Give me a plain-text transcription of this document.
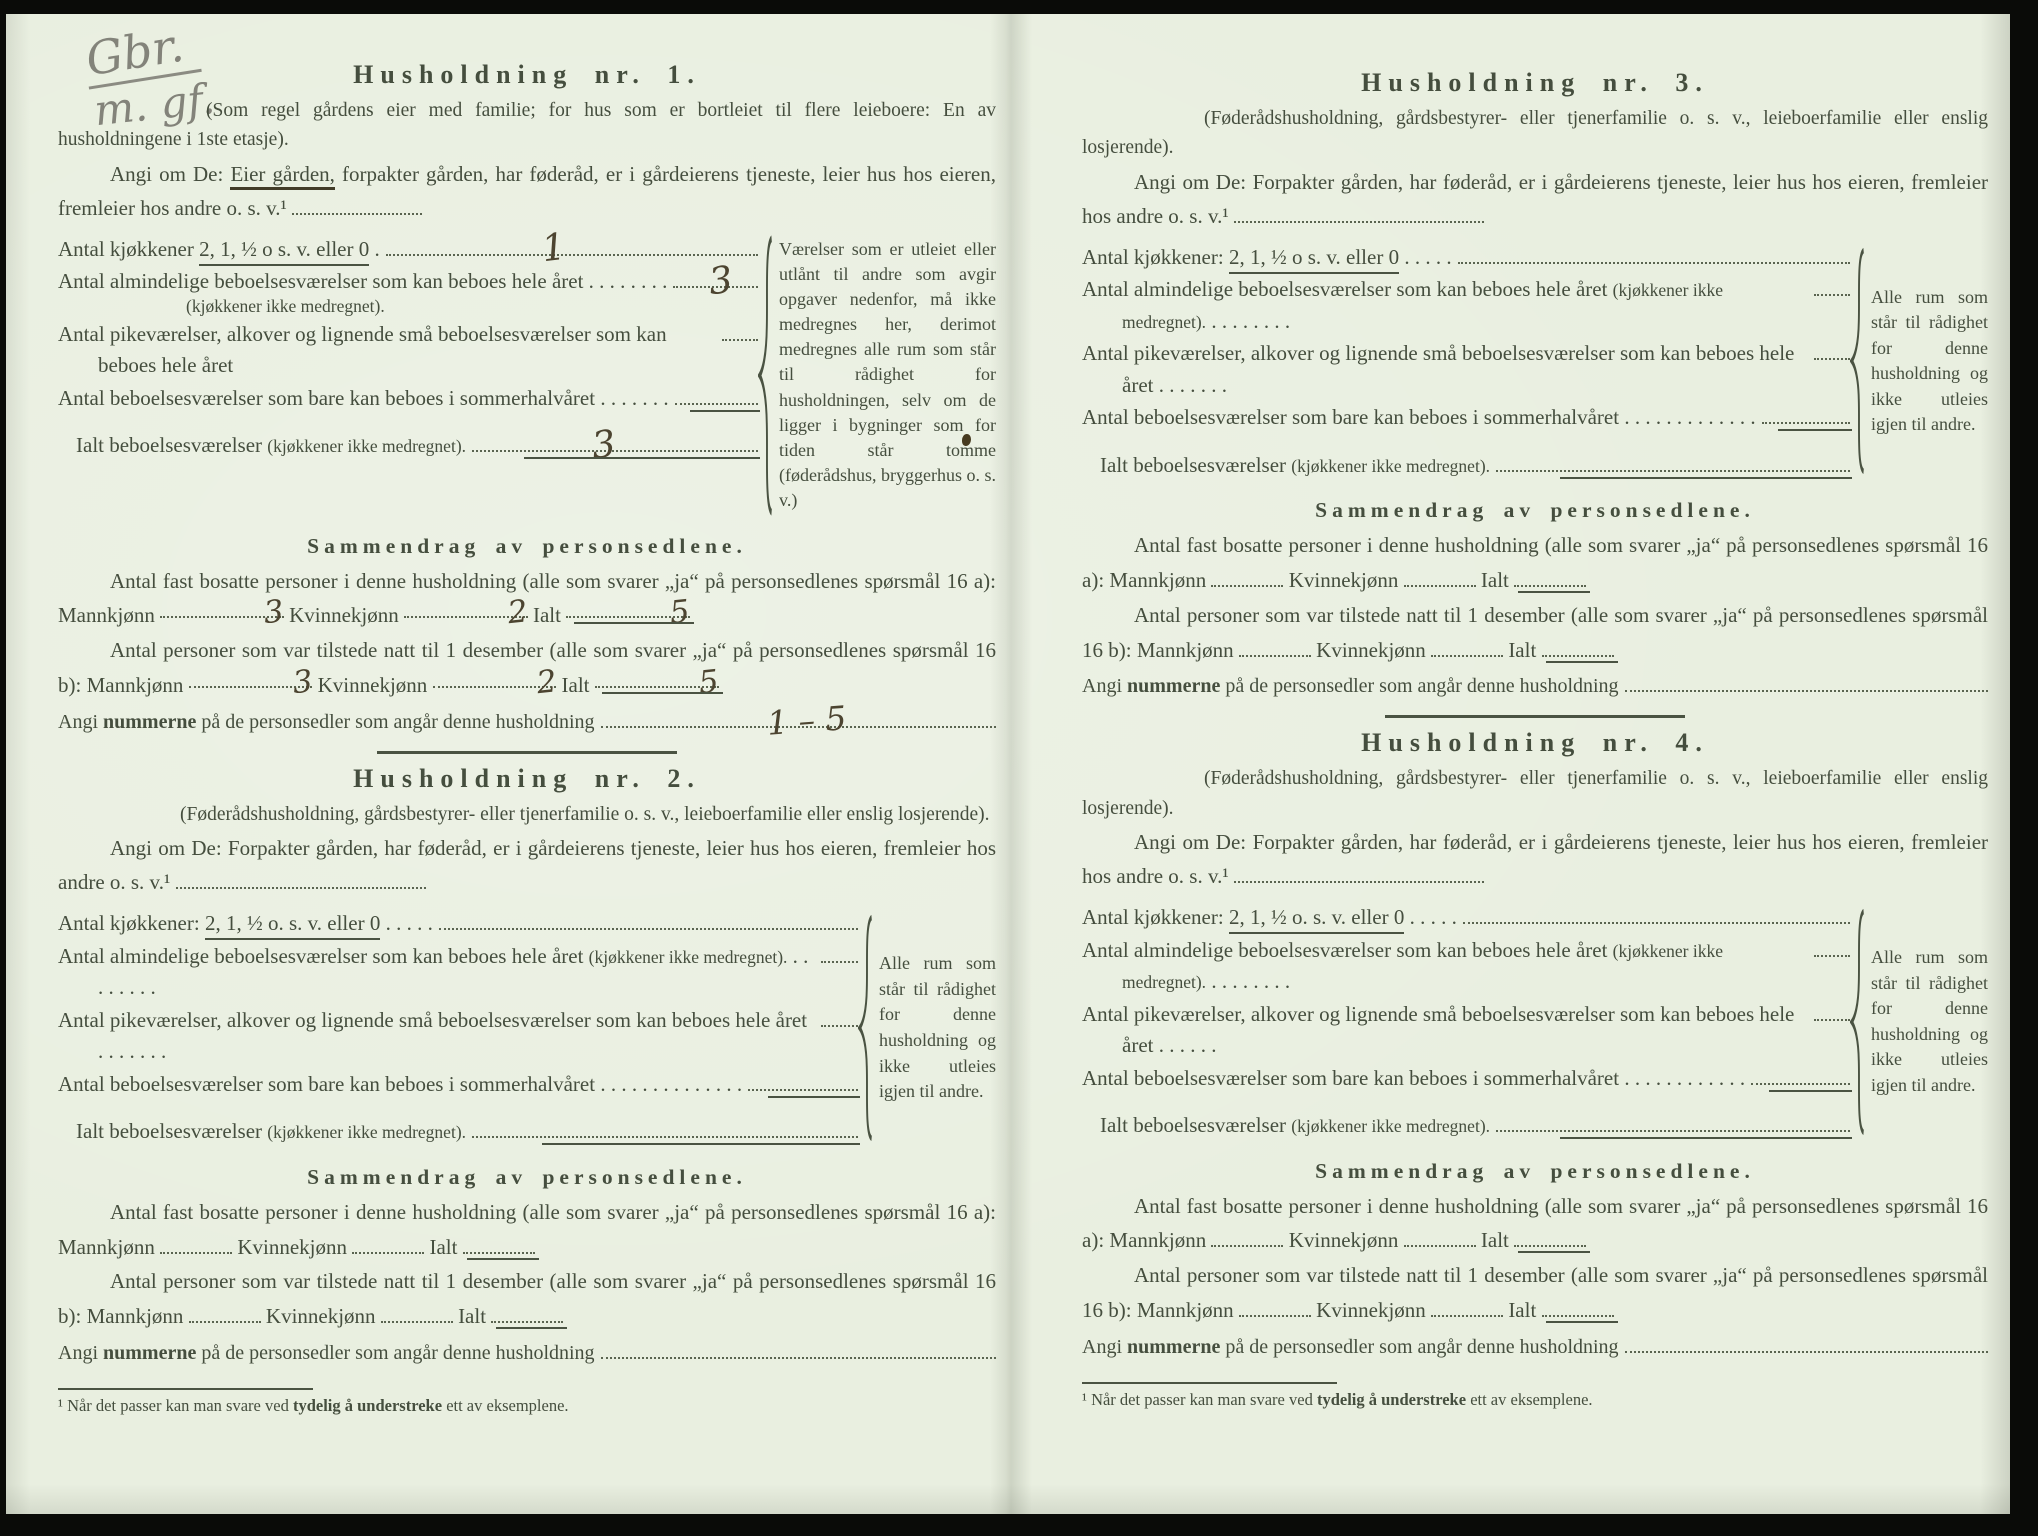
Gbr.
m. gf.	Husholdning nr. 1.

(Som regel gårdens eier med familie; for hus som er bortleiet til flere leieboere: En av husholdningene i 1ste etasje).

Angi om De: Eier gården, forpakter gården, har føderåd, er i gårdeierens tjeneste, leier hus hos eieren, fremleier hos andre o. s. v.¹

Antal kjøkkener 2, 1, ½ o s. v. eller 0 .	1
Antal almindelige beboelsesværelser som kan beboes hele året . . . . . . . . 3
(kjøkkener ikke medregnet).
Antal pikeværelser, alkover og lignende små beboelsesværelser som kan beboes hele året
Antal beboelsesværelser som bare kan beboes i sommerhalvåret . . . . . . .
Ialt beboelsesværelser (kjøkkener ikke medregnet).	3
Værelser som er utleiet eller utlånt til andre som avgir opgaver nedenfor, må ikke medregnes her, derimot medregnes alle rum som står til rådighet for husholdningen, selv om de ligger i bygninger som for tiden står tomme (føderådshus, bryggerhus o. s. v.)
Sammendrag av personsedlene.

Antal fast bosatte personer i denne husholdning (alle som svarer „ja“ på personsedlenes spørsmål 16 a): Mannkjønn	3 Kvinnekjønn	2 Ialt	5

Antal personer som var tilstede natt til 1 desember (alle som svarer „ja“ på personsedlenes spørsmål 16 b): Mannkjønn	3 Kvinnekjønn	2 Ialt	5

Angi nummerne på de personsedler som angår denne husholdning	1 – 5
Husholdning nr. 2.

(Føderådshusholdning, gårdsbestyrer- eller tjenerfamilie o. s. v., leieboerfamilie eller enslig losjerende).

Angi om De: Forpakter gården, har føderåd, er i gårdeierens tjeneste, leier hus hos eieren, fremleier hos andre o. s. v.¹

Antal kjøkkener: 2, 1, ½ o. s. v. eller 0 . . . . .
Antal almindelige beboelsesværelser som kan beboes hele året (kjøkkener ikke medregnet). . . . . . . . .
Antal pikeværelser, alkover og lignende små beboelsesværelser som kan beboes hele året . . . . . . .
Antal beboelsesværelser som bare kan beboes i sommerhalvåret . . . . . . . . . . . . . .
Ialt beboelsesværelser (kjøkkener ikke medregnet).
Alle rum som står til rådighet for denne husholdning og ikke utleies igjen til andre.
Sammendrag av personsedlene.

Antal fast bosatte personer i denne husholdning (alle som svarer „ja“ på personsedlenes spørsmål 16 a): Mannkjønn	Kvinnekjønn	Ialt

Antal personer som var tilstede natt til 1 desember (alle som svarer „ja“ på personsedlenes spørsmål 16 b): Mannkjønn	Kvinnekjønn	Ialt

Angi nummerne på de personsedler som angår denne husholdning
¹ Når det passer kan man svare ved tydelig å understreke ett av eksemplene.
Husholdning nr. 3.

(Føderådshusholdning, gårdsbestyrer- eller tjenerfamilie o. s. v., leieboerfamilie eller enslig losjerende).

Angi om De: Forpakter gården, har føderåd, er i gårdeierens tjeneste, leier hus hos eieren, fremleier hos andre o. s. v.¹

Antal kjøkkener: 2, 1, ½ o s. v. eller 0 . . . . .
Antal almindelige beboelsesværelser som kan beboes hele året (kjøkkener ikke medregnet). . . . . . . . .
Antal pikeværelser, alkover og lignende små beboelsesværelser som kan beboes hele året . . . . . . .
Antal beboelsesværelser som bare kan beboes i sommerhalvåret . . . . . . . . . . . . .
Ialt beboelsesværelser (kjøkkener ikke medregnet).
Alle rum som står til rådighet for denne husholdning og ikke utleies igjen til andre.
Sammendrag av personsedlene.

Antal fast bosatte personer i denne husholdning (alle som svarer „ja“ på personsedlenes spørsmål 16 a): Mannkjønn	Kvinnekjønn	Ialt

Antal personer som var tilstede natt til 1 desember (alle som svarer „ja“ på personsedlenes spørsmål 16 b): Mannkjønn	Kvinnekjønn	Ialt

Angi nummerne på de personsedler som angår denne husholdning
Husholdning nr. 4.

(Føderådshusholdning, gårdsbestyrer- eller tjenerfamilie o. s. v., leieboerfamilie eller enslig losjerende).

Angi om De: Forpakter gården, har føderåd, er i gårdeierens tjeneste, leier hus hos eieren, fremleier hos andre o. s. v.¹

Antal kjøkkener: 2, 1, ½ o. s. v. eller 0 . . . . .
Antal almindelige beboelsesværelser som kan beboes hele året (kjøkkener ikke medregnet). . . . . . . . .
Antal pikeværelser, alkover og lignende små beboelsesværelser som kan beboes hele året . . . . . .
Antal beboelsesværelser som bare kan beboes i sommerhalvåret . . . . . . . . . . . .
Ialt beboelsesværelser (kjøkkener ikke medregnet).
Alle rum som står til rådighet for denne husholdning og ikke utleies igjen til andre.
Sammendrag av personsedlene.

Antal fast bosatte personer i denne husholdning (alle som svarer „ja“ på personsedlenes spørsmål 16 a): Mannkjønn	Kvinnekjønn	Ialt

Antal personer som var tilstede natt til 1 desember (alle som svarer „ja“ på personsedlenes spørsmål 16 b): Mannkjønn	Kvinnekjønn	Ialt

Angi nummerne på de personsedler som angår denne husholdning
¹ Når det passer kan man svare ved tydelig å understreke ett av eksemplene.
